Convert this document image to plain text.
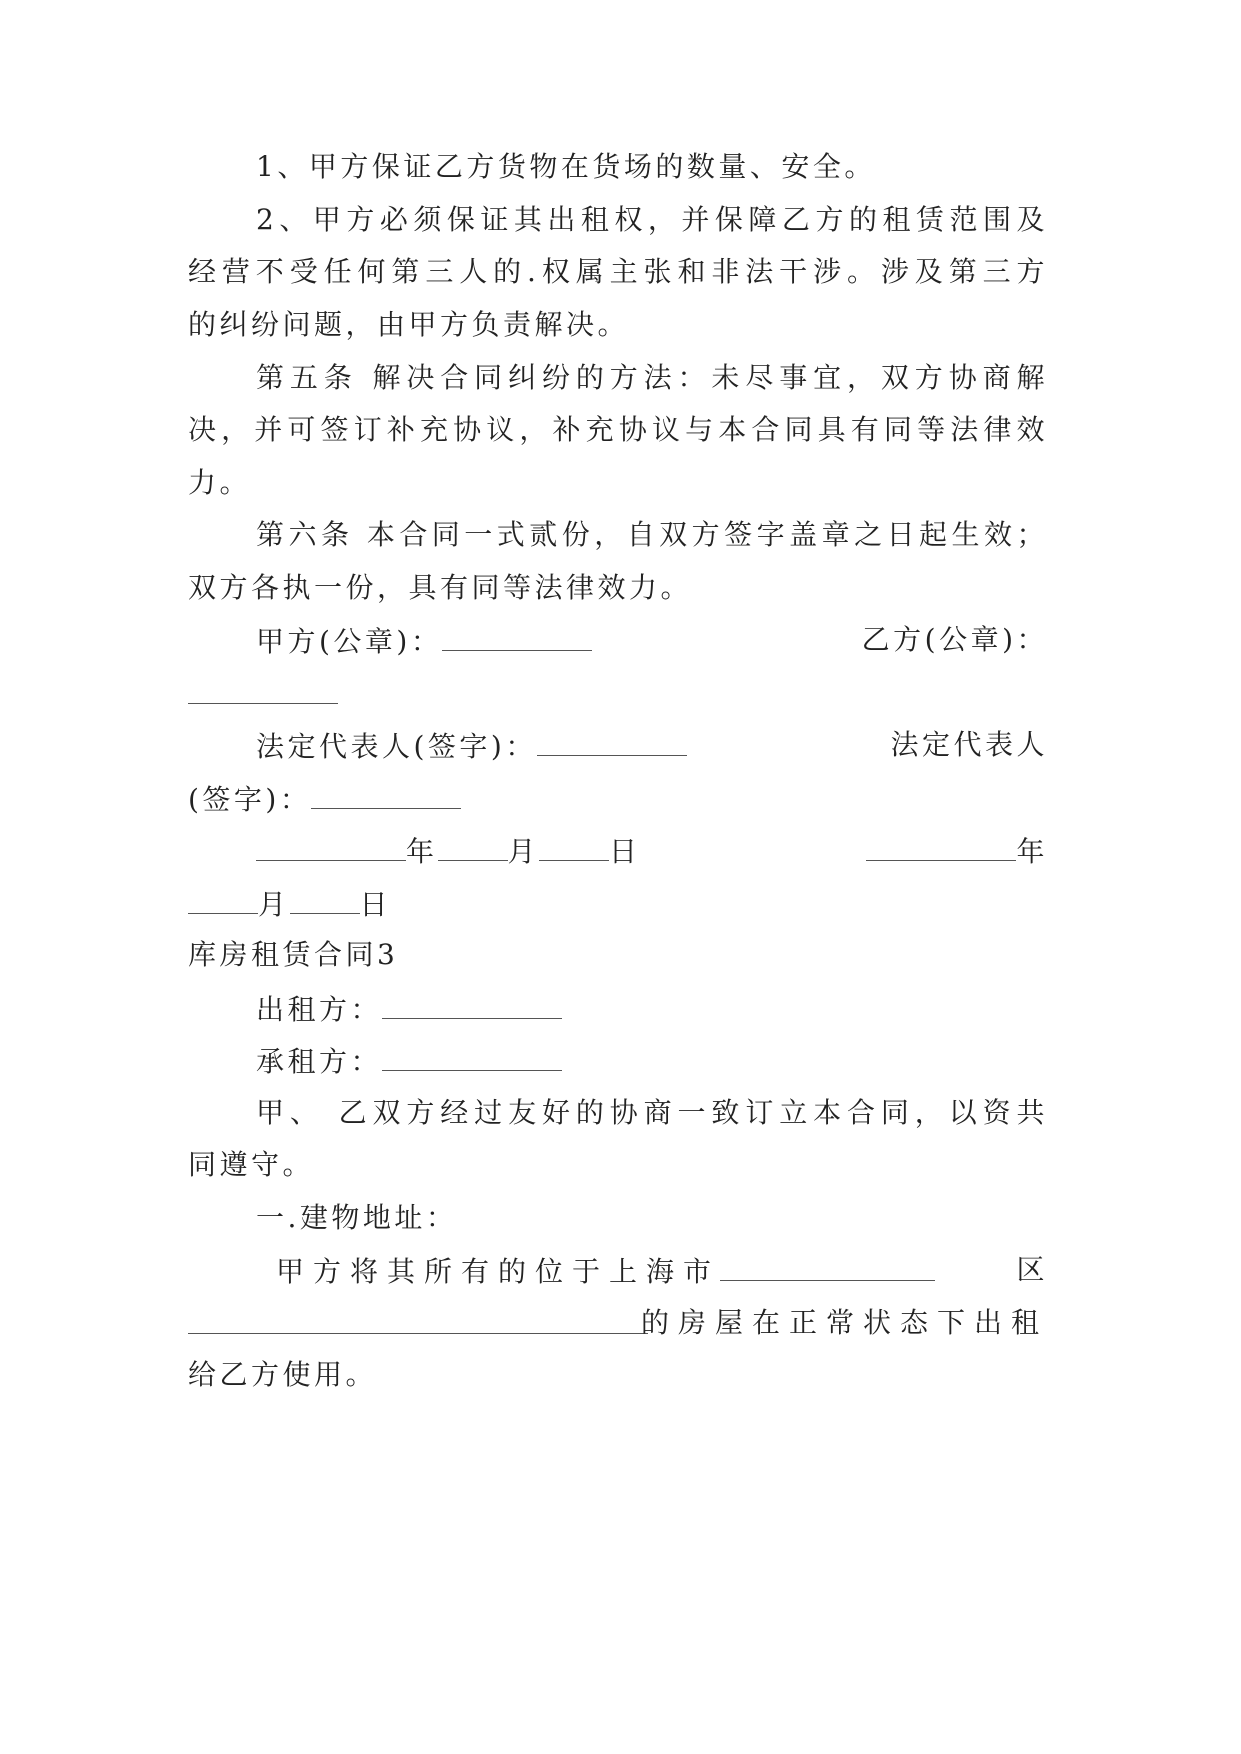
1、甲方保证乙方货物在货场的数量、安全。
2、甲方必须保证其出租权，并保障乙方的租赁范围及
经营不受任何第三人的.权属主张和非法干涉。涉及第三方
的纠纷问题，由甲方负责解决。
第五条 解决合同纠纷的方法：未尽事宜，双方协商解
决，并可签订补充协议，补充协议与本合同具有同等法律效
力。
第六条 本合同一式贰份，自双方签字盖章之日起生效；
双方各执一份，具有同等法律效力。
甲方(公章)：	乙方(公章)：
法定代表人(签字)：	法定代表人
(签字)：
年	月	日	年
月	日
库房租赁合同3
出租方：
承租方：
甲、 乙双方经过友好的协商一致订立本合同，以资共
同遵守。
一.建物地址：
甲方将其所有的位于上海市	区
的房屋在正常状态下出租
给乙方使用。
